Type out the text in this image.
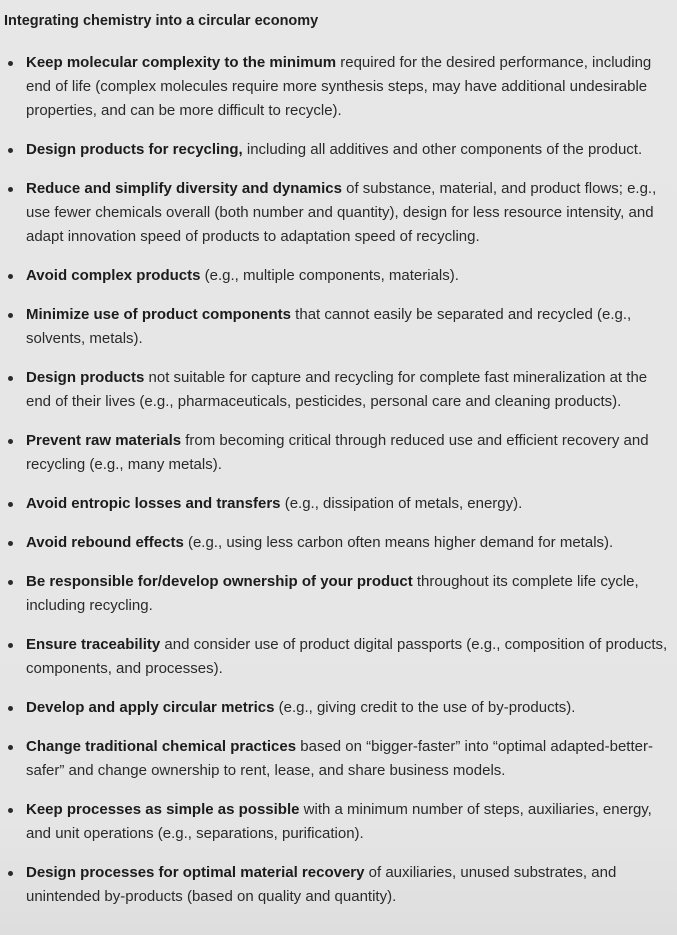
Integrating chemistry into a circular economy
Keep molecular complexity to the minimum required for the desired performance, including end of life (complex molecules require more synthesis steps, may have additional undesirable properties, and can be more difficult to recycle).
Design products for recycling, including all additives and other components of the product.
Reduce and simplify diversity and dynamics of substance, material, and product flows; e.g., use fewer chemicals overall (both number and quantity), design for less resource intensity, and adapt innovation speed of products to adaptation speed of recycling.
Avoid complex products (e.g., multiple components, materials).
Minimize use of product components that cannot easily be separated and recycled (e.g., solvents, metals).
Design products not suitable for capture and recycling for complete fast mineralization at the end of their lives (e.g., pharmaceuticals, pesticides, personal care and cleaning products).
Prevent raw materials from becoming critical through reduced use and efficient recovery and recycling (e.g., many metals).
Avoid entropic losses and transfers (e.g., dissipation of metals, energy).
Avoid rebound effects (e.g., using less carbon often means higher demand for metals).
Be responsible for/develop ownership of your product throughout its complete life cycle, including recycling.
Ensure traceability and consider use of product digital passports (e.g., composition of products, components, and processes).
Develop and apply circular metrics (e.g., giving credit to the use of by-products).
Change traditional chemical practices based on “bigger-faster” into “optimal adapted-better-safer” and change ownership to rent, lease, and share business models.
Keep processes as simple as possible with a minimum number of steps, auxiliaries, energy, and unit operations (e.g., separations, purification).
Design processes for optimal material recovery of auxiliaries, unused substrates, and unintended by-products (based on quality and quantity).
